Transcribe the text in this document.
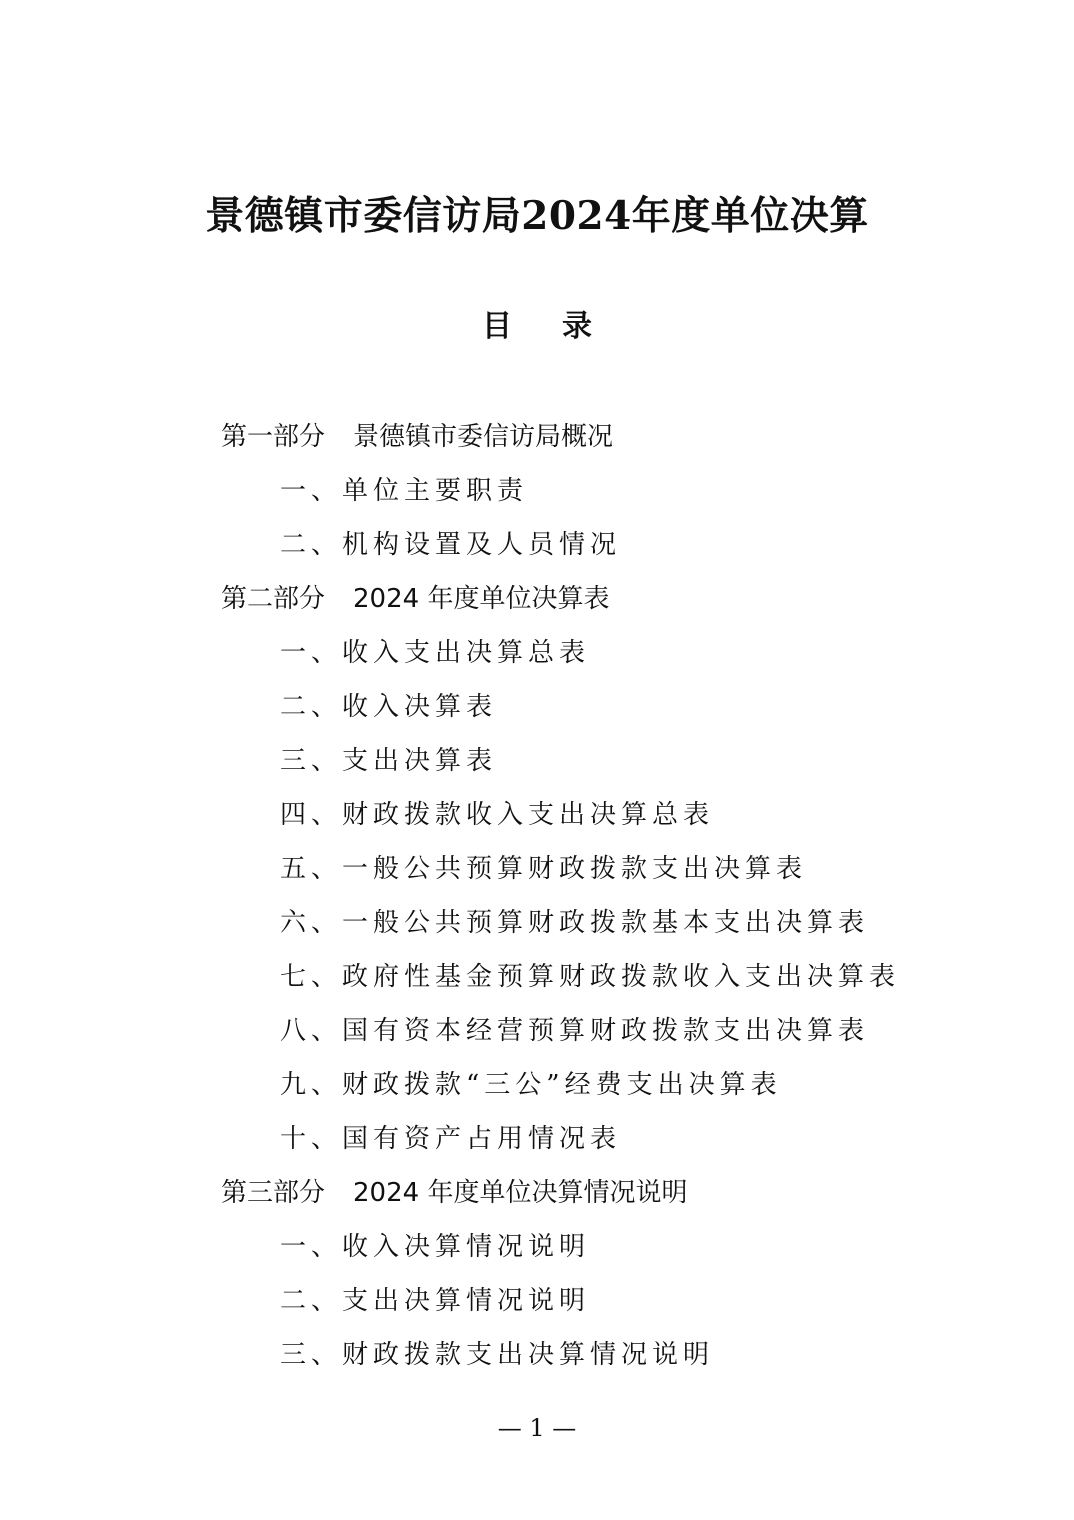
景德镇市委信访局2024年度单位决算
目 录
第一部分 景德镇市委信访局概况
一、单位主要职责
二、机构设置及人员情况
第二部分 2024 年度单位决算表
一、收入支出决算总表
二、收入决算表
三、支出决算表
四、财政拨款收入支出决算总表
五、一般公共预算财政拨款支出决算表
六、一般公共预算财政拨款基本支出决算表
七、政府性基金预算财政拨款收入支出决算表
八、国有资本经营预算财政拨款支出决算表
九、财政拨款“三公”经费支出决算表
十、国有资产占用情况表
第三部分 2024 年度单位决算情况说明
一、收入决算情况说明
二、支出决算情况说明
三、财政拨款支出决算情况说明
— 1 —
